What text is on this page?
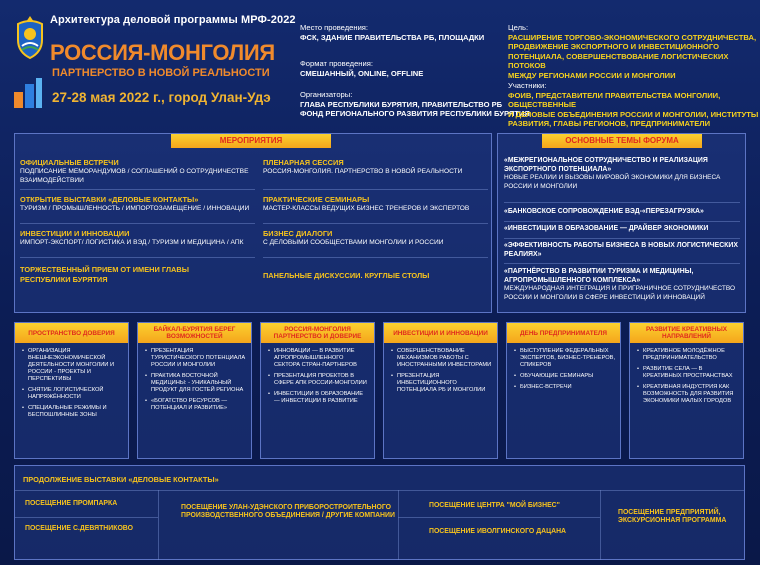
Архитектура деловой программы МРФ-2022
РОССИЯ-МОНГОЛИЯ
ПАРТНЕРСТВО В НОВОЙ РЕАЛЬНОСТИ
27-28 мая 2022 г., город Улан-Удэ
Место проведения:
ФСК, ЗДАНИЕ ПРАВИТЕЛЬСТВА РБ, ПЛОЩАДКИ
Формат проведения:
СМЕШАННЫЙ, ONLINE, OFFLINE
Организаторы:
ГЛАВА РЕСПУБЛИКИ БУРЯТИЯ, ПРАВИТЕЛЬСТВО РБ
ФОНД РЕГИОНАЛЬНОГО РАЗВИТИЯ РЕСПУБЛИКИ БУРЯТИЯ
Цель:
РАСШИРЕНИЕ ТОРГОВО-ЭКОНОМИЧЕСКОГО СОТРУДНИЧЕСТВА,
ПРОДВИЖЕНИЕ ЭКСПОРТНОГО И ИНВЕСТИЦИОННОГО
ПОТЕНЦИАЛА, СОВЕРШЕНСТВОВАНИЕ ЛОГИСТИЧЕСКИХ ПОТОКОВ
МЕЖДУ РЕГИОНАМИ РОССИИ И МОНГОЛИИ
Участники:
ФОИВ, ПРЕДСТАВИТЕЛИ ПРАВИТЕЛЬСТВА МОНГОЛИИ, ОБЩЕСТВЕННЫЕ
И ДЕЛОВЫЕ ОБЪЕДИНЕНИЯ РОССИИ И МОНГОЛИИ, ИНСТИТУТЫ
РАЗВИТИЯ, ГЛАВЫ РЕГИОНОВ, ПРЕДПРИНИМАТЕЛИ
МЕРОПРИЯТИЯ
ОФИЦИАЛЬНЫЕ ВСТРЕЧИ
ПОДПИСАНИЕ МЕМОРАНДУМОВ / СОГЛАШЕНИЙ О СОТРУДНИЧЕСТВЕ ВЗАИМОДЕЙСТВИИ
ОТКРЫТИЕ ВЫСТАВКИ «ДЕЛОВЫЕ КОНТАКТЫ»
ТУРИЗМ / ПРОМЫШЛЕННОСТЬ / ИМПОРТОЗАМЕЩЕНИЕ / ИННОВАЦИИ
ИНВЕСТИЦИИ И ИННОВАЦИИ
ИМПОРТ-ЭКСПОРТ/ ЛОГИСТИКА И ВЭД / ТУРИЗМ И МЕДИЦИНА / АПК
ТОРЖЕСТВЕННЫЙ ПРИЕМ ОТ ИМЕНИ ГЛАВЫ РЕСПУБЛИКИ БУРЯТИЯ
ПЛЕНАРНАЯ СЕССИЯ
РОССИЯ-МОНГОЛИЯ. ПАРТНЕРСТВО В НОВОЙ РЕАЛЬНОСТИ
ПРАКТИЧЕСКИЕ СЕМИНАРЫ
МАСТЕР-КЛАССЫ ВЕДУЩИХ БИЗНЕС ТРЕНЕРОВ И ЭКСПЕРТОВ
БИЗНЕС ДИАЛОГИ
С ДЕЛОВЫМИ СООБЩЕСТВАМИ МОНГОЛИИ И РОССИИ
ПАНЕЛЬНЫЕ ДИСКУССИИ. КРУГЛЫЕ СТОЛЫ
ОСНОВНЫЕ ТЕМЫ ФОРУМА
«МЕЖРЕГИОНАЛЬНОЕ СОТРУДНИЧЕСТВО И РЕАЛИЗАЦИЯ ЭКСПОРТНОГО ПОТЕНЦИАЛА»
НОВЫЕ РЕАЛИИ И ВЫЗОВЫ МИРОВОЙ ЭКОНОМИКИ ДЛЯ БИЗНЕСА РОССИИ И МОНГОЛИИ
«БАНКОВСКОЕ СОПРОВОЖДЕНИЕ ВЭД-«ПЕРЕЗАГРУЗКА»
«ИНВЕСТИЦИИ В ОБРАЗОВАНИЕ — ДРАЙВЕР ЭКОНОМИКИ
«ЭФФЕКТИВНОСТЬ РАБОТЫ БИЗНЕСА В НОВЫХ ЛОГИСТИЧЕСКИХ РЕАЛИЯХ»
«ПАРТНЁРСТВО В РАЗВИТИИ ТУРИЗМА И МЕДИЦИНЫ, АГРОПРОМЫШЛЕННОГО КОМПЛЕКСА»
МЕЖДУНАРОДНАЯ ИНТЕГРАЦИЯ И ПРИГРАНИЧНОЕ СОТРУДНИЧЕСТВО РОССИИ И МОНГОЛИИ В СФЕРЕ ИНВЕСТИЦИЙ И ИННОВАЦИЙ
ПРОСТРАНСТВО ДОВЕРИЯ
• ОРГАНИЗАЦИЯ ВНЕШНЕЭКОНОМИЧЕСКОЙ ДЕЯТЕЛЬНОСТИ МОНГОЛИИ И РОССИИ - ПРОЕКТЫ И ПЕРСПЕКТИВЫ
• СНЯТИЕ ЛОГИСТИЧЕСКОЙ НАПРЯЖЁННОСТИ
• СПЕЦИАЛЬНЫЕ РЕЖИМЫ И БЕСПОШЛИННЫЕ ЗОНЫ
БАЙКАЛ-БУРЯТИЯ БЕРЕГ ВОЗМОЖНОСТЕЙ
• ПРЕЗЕНТАЦИЯ ТУРИСТИЧЕСКОГО ПОТЕНЦИАЛА РОССИИ И МОНГОЛИИ
• ПРАКТИКА ВОСТОЧНОЙ МЕДИЦИНЫ: - УНИКАЛЬНЫЙ ПРОДУКТ ДЛЯ ГОСТЕЙ РЕГИОНА
• «БОГАТСТВО РЕСУРСОВ — ПОТЕНЦИАЛ И РАЗВИТИЕ»
РОССИЯ-МОНГОЛИЯ ПАРТНЕРСТВО И ДОВЕРИЕ
• ИННОВАЦИИ — В РАЗВИТИЕ АГРОПРОМЫШЛЕННОГО СЕКТОРА СТРАН-ПАРТНЕРОВ
• ПРЕЗЕНТАЦИЯ ПРОЕКТОВ В СФЕРЕ АПК РОССИИ-МОНГОЛИИ
• ИНВЕСТИЦИИ В ОБРАЗОВАНИЕ — ИНВЕСТИЦИИ В РАЗВИТИЕ
ИНВЕСТИЦИИ И ИННОВАЦИИ
• СОВЕРШЕНСТВОВАНИЕ МЕХАНИЗМОВ РАБОТЫ С ИНОСТРАННЫМИ ИНВЕСТОРАМИ
• ПРЕЗЕНТАЦИЯ ИНВЕСТИЦИОННОГО ПОТЕНЦИАЛА РБ И МОНГОЛИИ
ДЕНЬ ПРЕДПРИНИМАТЕЛЯ
• ВЫСТУПЛЕНИЕ ФЕДЕРАЛЬНЫХ ЭКСПЕРТОВ, БИЗНЕС-ТРЕНЕРОВ, СПИКЕРОВ
• ОБУЧАЮЩИЕ СЕМИНАРЫ
• БИЗНЕС-ВСТРЕЧИ
РАЗВИТИЕ КРЕАТИВНЫХ НАПРАВЛЕНИЙ
• КРЕАТИВНОЕ МОЛОДЁЖНОЕ ПРЕДПРИНИМАТЕЛЬСТВО
• РАЗВИТИЕ СЕЛА — В КРЕАТИВНЫХ ПРОСТРАНСТВАХ
• КРЕАТИВНАЯ ИНДУСТРИЯ КАК ВОЗМОЖНОСТЬ ДЛЯ РАЗВИТИЯ ЭКОНОМИКИ МАЛЫХ ГОРОДОВ
ПРОДОЛЖЕНИЕ ВЫСТАВКИ «ДЕЛОВЫЕ КОНТАКТЫ»
ПОСЕЩЕНИЕ ПРОМПАРКА
ПОСЕЩЕНИЕ С.ДЕВЯТНИКОВО
ПОСЕЩЕНИЕ УЛАН-УДЭНСКОГО ПРИБОРОСТРОИТЕЛЬНОГО ПРОИЗВОДСТВЕННОГО ОБЪЕДИНЕНИЯ / ДРУГИЕ КОМПАНИИ
ПОСЕЩЕНИЕ ЦЕНТРА "МОЙ БИЗНЕС"
ПОСЕЩЕНИЕ ИВОЛГИНСКОГО ДАЦАНА
ПОСЕЩЕНИЕ ПРЕДПРИЯТИЙ, ЭКСКУРСИОННАЯ ПРОГРАММА
